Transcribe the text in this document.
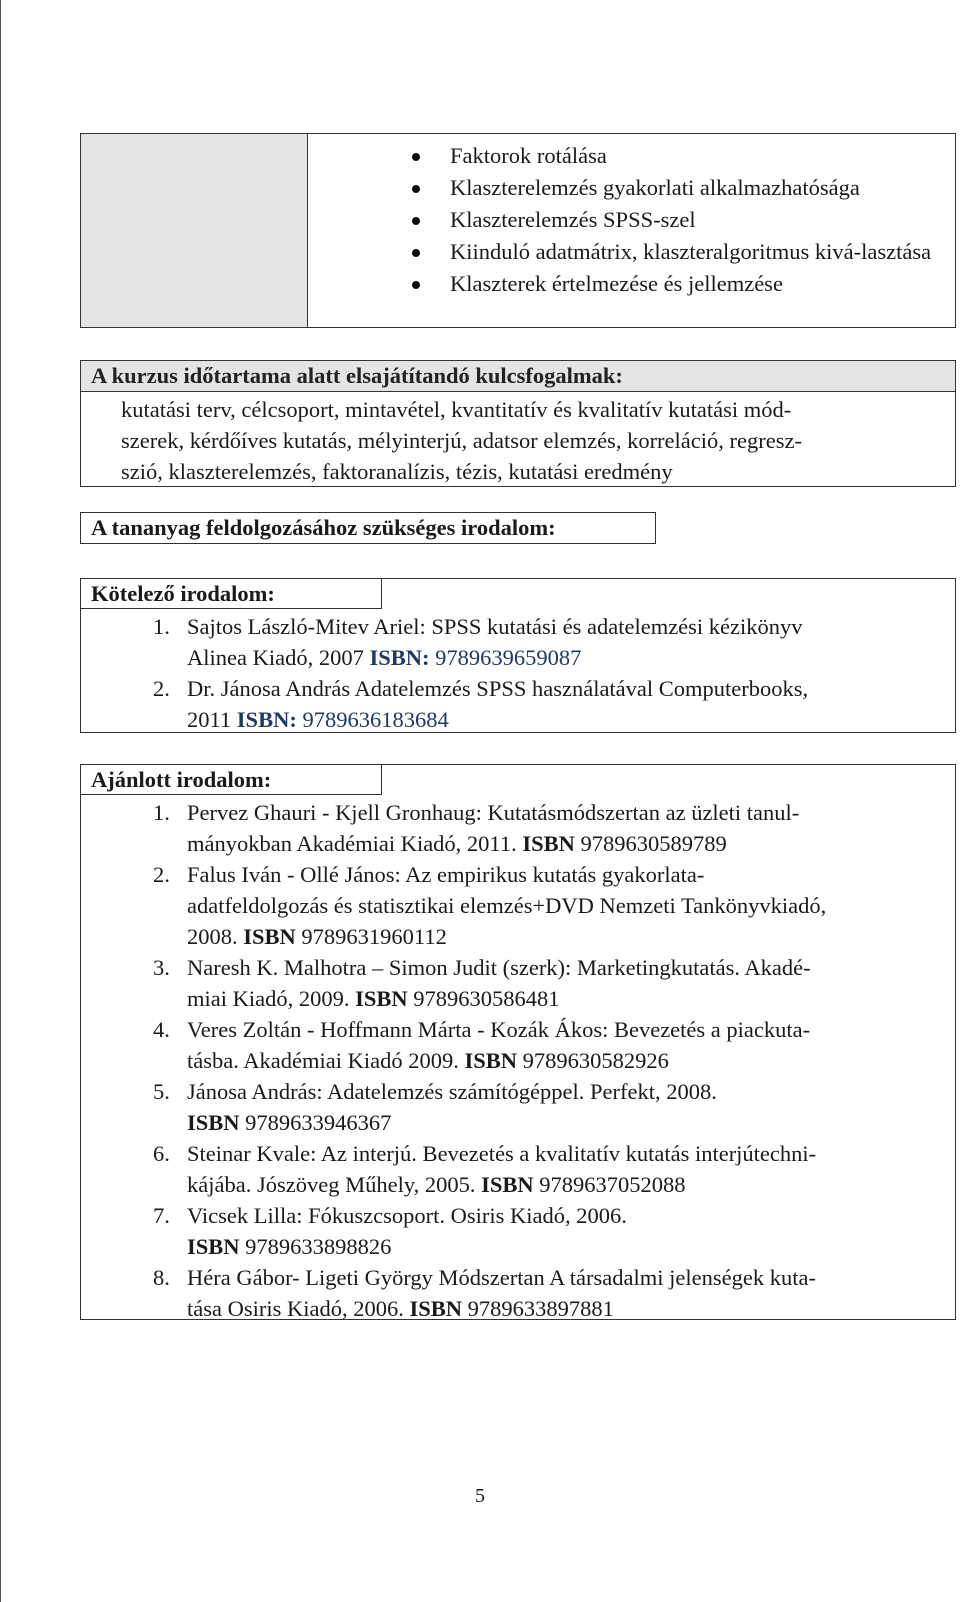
Faktorok rotálása
Klaszterelemzés gyakorlati alkalmazhatósága
Klaszterelemzés SPSS-szel
Kiinduló adatmátrix, klaszteralgoritmus kivá-lasztása
Klaszterek értelmezése és jellemzése
A kurzus időtartama alatt elsajátítandó kulcsfogalmak:
kutatási terv, célcsoport, mintavétel, kvantitatív és kvalitatív kutatási mód-
szerek, kérdőíves kutatás, mélyinterjú, adatsor elemzés, korreláció, regresz-
szió, klaszterelemzés, faktoranalízis, tézis, kutatási eredmény
A tananyag feldolgozásához szükséges irodalom:
Kötelező irodalom:
1. Sajtos László-Mitev Ariel: SPSS kutatási és adatelemzési kézikönyv
Alinea Kiadó, 2007 ISBN: 9789639659087
2. Dr. Jánosa András Adatelemzés SPSS használatával Computerbooks,
2011 ISBN: 9789636183684
Ajánlott irodalom:
1. Pervez Ghauri - Kjell Gronhaug: Kutatásmódszertan az üzleti tanul-
mányokban Akadémiai Kiadó, 2011. ISBN 9789630589789
2. Falus Iván - Ollé János: Az empirikus kutatás gyakorlata-
adatfeldolgozás és statisztikai elemzés+DVD Nemzeti Tankönyvkiadó,
2008. ISBN 9789631960112
3. Naresh K. Malhotra – Simon Judit (szerk): Marketingkutatás. Akadé-
miai Kiadó, 2009. ISBN 9789630586481
4. Veres Zoltán - Hoffmann Márta - Kozák Ákos: Bevezetés a piackuta-
tásba. Akadémiai Kiadó 2009. ISBN 9789630582926
5. Jánosa András: Adatelemzés számítógéppel. Perfekt, 2008.
ISBN 9789633946367
6. Steinar Kvale: Az interjú. Bevezetés a kvalitatív kutatás interjútechni-
kájába. Jószöveg Műhely, 2005. ISBN 9789637052088
7. Vicsek Lilla: Fókuszcsoport. Osiris Kiadó, 2006.
ISBN 9789633898826
8. Héra Gábor- Ligeti György Módszertan A társadalmi jelenségek kuta-
tása Osiris Kiadó, 2006. ISBN 9789633897881
5
